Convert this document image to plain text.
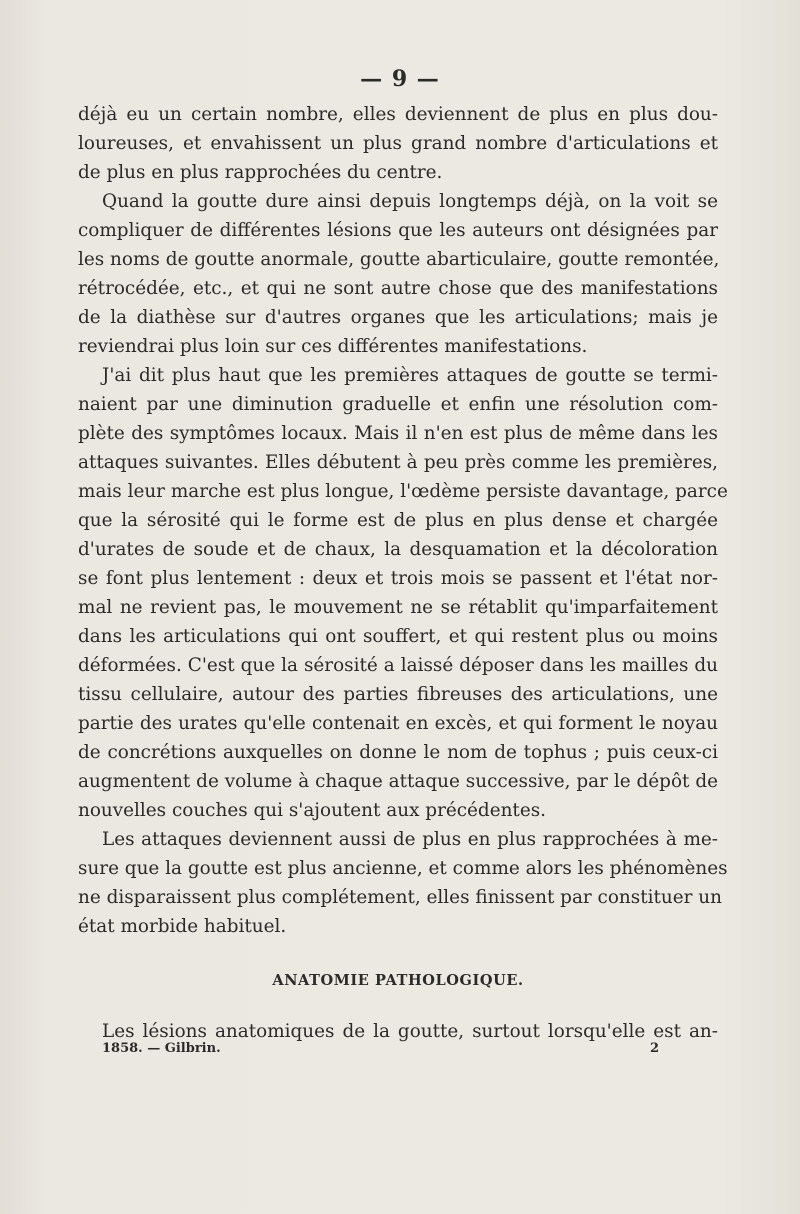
— 9 —
déjà eu un certain nombre, elles deviennent de plus en plus dou-
loureuses, et envahissent un plus grand nombre d'articulations et
de plus en plus rapprochées du centre.
Quand la goutte dure ainsi depuis longtemps déjà, on la voit se
compliquer de différentes lésions que les auteurs ont désignées par
les noms de goutte anormale, goutte abarticulaire, goutte remontée,
rétrocédée, etc., et qui ne sont autre chose que des manifestations
de la diathèse sur d'autres organes que les articulations; mais je
reviendrai plus loin sur ces différentes manifestations.
J'ai dit plus haut que les premières attaques de goutte se termi-
naient par une diminution graduelle et enfin une résolution com-
plète des symptômes locaux. Mais il n'en est plus de même dans les
attaques suivantes. Elles débutent à peu près comme les premières,
mais leur marche est plus longue, l'œdème persiste davantage, parce
que la sérosité qui le forme est de plus en plus dense et chargée
d'urates de soude et de chaux, la desquamation et la décoloration
se font plus lentement : deux et trois mois se passent et l'état nor-
mal ne revient pas, le mouvement ne se rétablit qu'imparfaitement
dans les articulations qui ont souffert, et qui restent plus ou moins
déformées. C'est que la sérosité a laissé déposer dans les mailles du
tissu cellulaire, autour des parties fibreuses des articulations, une
partie des urates qu'elle contenait en excès, et qui forment le noyau
de concrétions auxquelles on donne le nom de tophus ; puis ceux-ci
augmentent de volume à chaque attaque successive, par le dépôt de
nouvelles couches qui s'ajoutent aux précédentes.
Les attaques deviennent aussi de plus en plus rapprochées à me-
sure que la goutte est plus ancienne, et comme alors les phénomènes
ne disparaissent plus complétement, elles finissent par constituer un
état morbide habituel.
ANATOMIE PATHOLOGIQUE.
Les lésions anatomiques de la goutte, surtout lorsqu'elle est an-
1858. — Gilbrin.	2
